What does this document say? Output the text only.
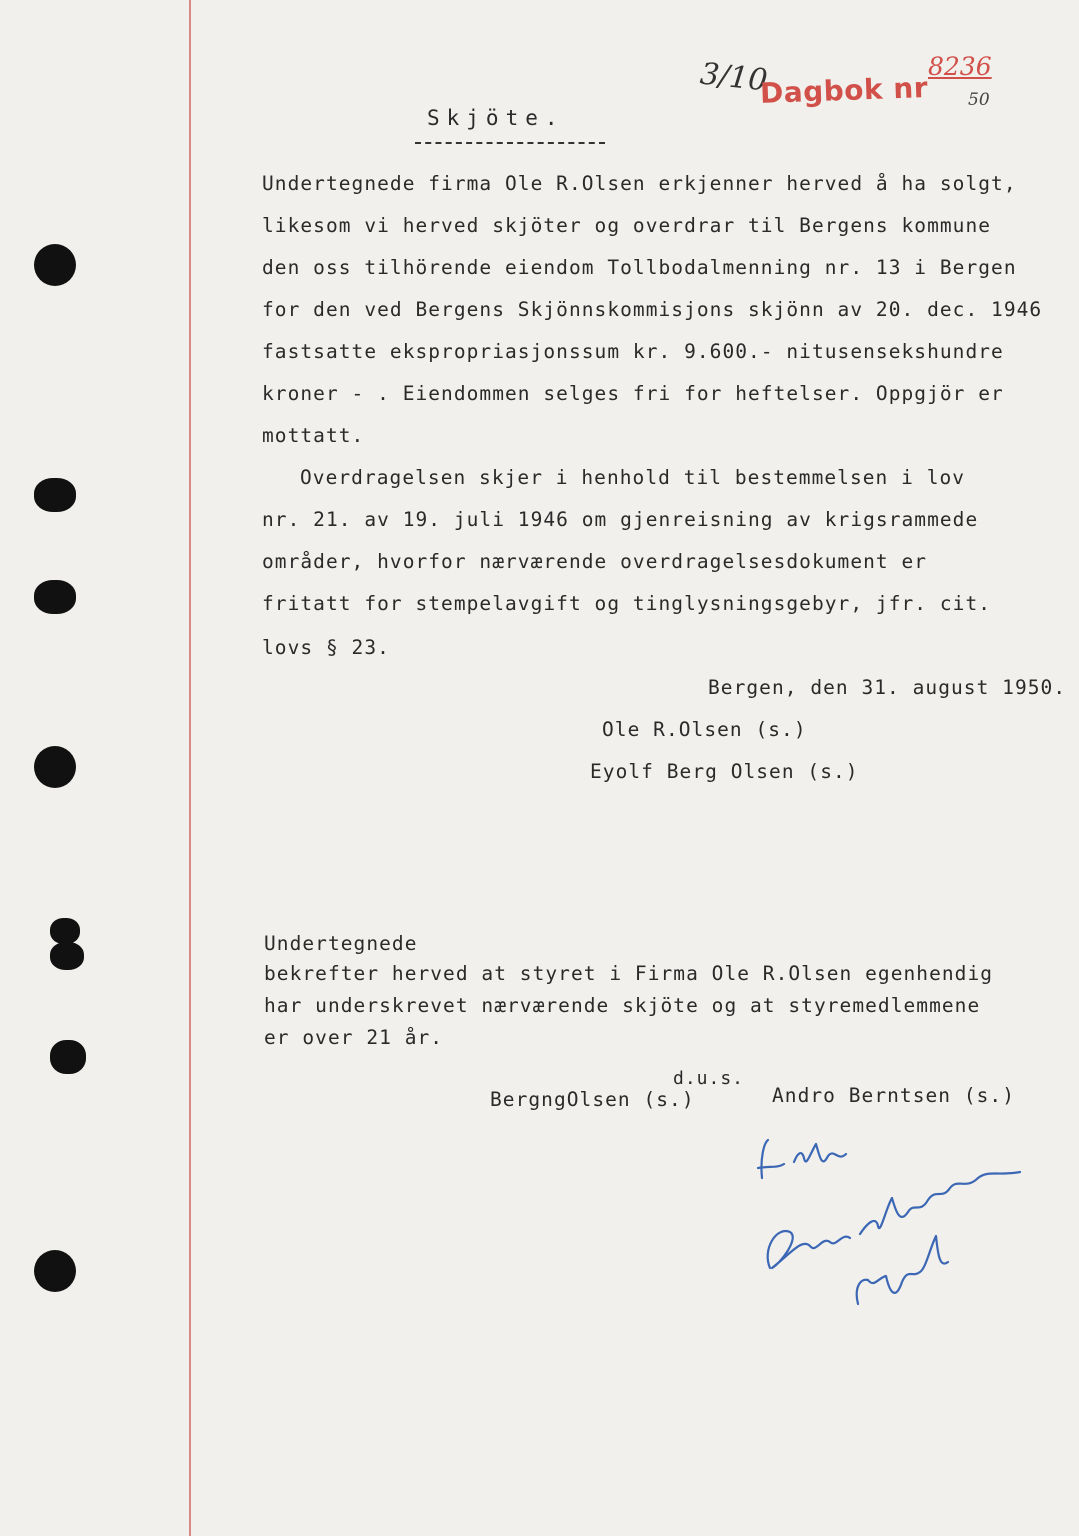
3/10
Dagbok nr
8236
50
Skjöte.
Undertegnede firma Ole R.Olsen erkjenner herved å ha solgt,
likesom vi herved skjöter og overdrar til Bergens kommune
den oss tilhörende eiendom Tollbodalmenning nr. 13 i Bergen
for den ved Bergens Skjönnskommisjons skjönn av 20. dec. 1946
fastsatte ekspropriasjonssum kr. 9.600.- nitusensekshundre
kroner - . Eiendommen selges fri for heftelser. Oppgjör er
mottatt.
Overdragelsen skjer i henhold til bestemmelsen i lov
nr. 21. av 19. juli 1946 om gjenreisning av krigsrammede
områder, hvorfor nærværende overdragelsesdokument er
fritatt for stempelavgift og tinglysningsgebyr, jfr. cit.
lovs § 23.
Bergen, den 31. august 1950.
Ole R.Olsen (s.)
Eyolf Berg Olsen (s.)
Undertegnede
bekrefter herved at styret i Firma Ole R.Olsen egenhendig
har underskrevet nærværende skjöte og at styremedlemmene
er over 21 år.
d.u.s.
BergngOlsen (s.)	Andro Berntsen (s.)
